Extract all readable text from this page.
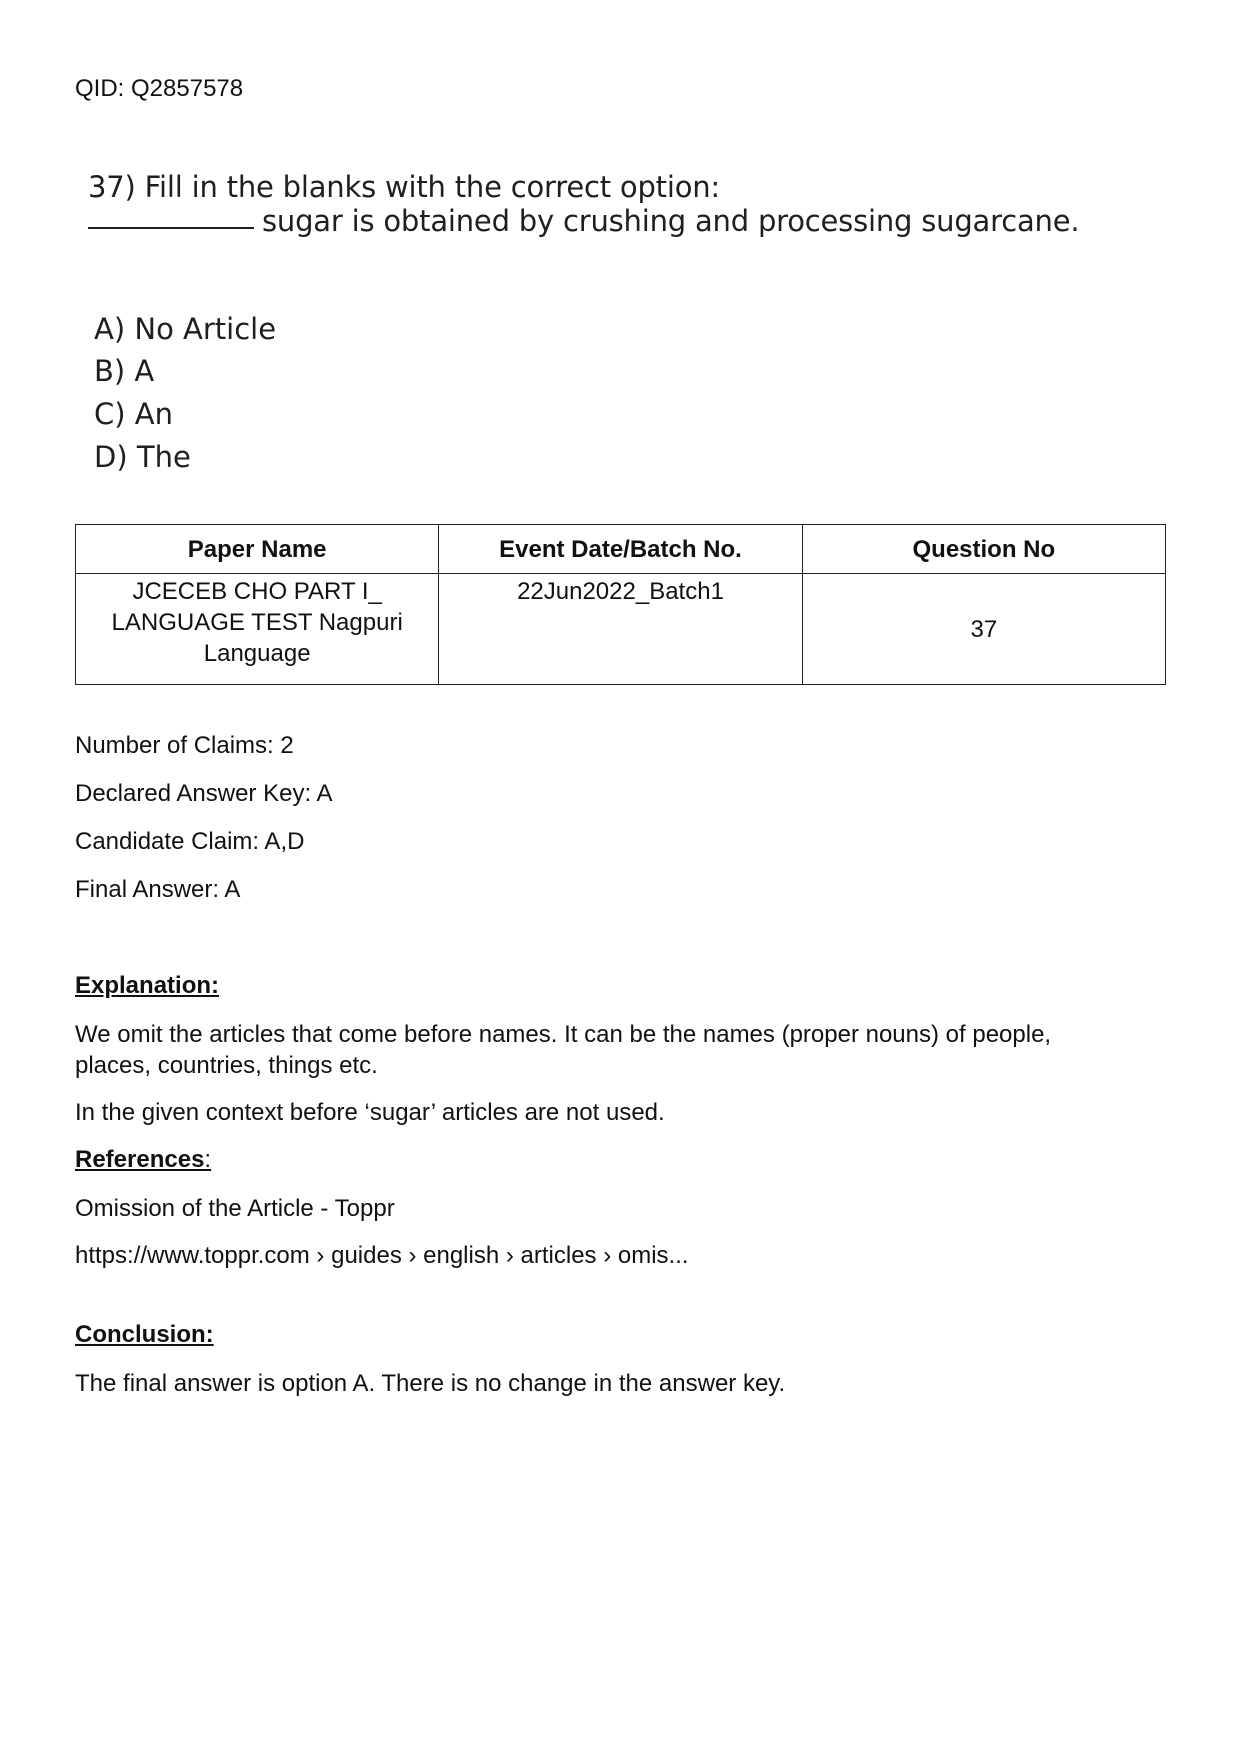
QID: Q2857578
37) Fill in the blanks with the correct option:
sugar is obtained by crushing and processing sugarcane.
A) No Article
B) A
C) An
D) The
Paper Name	Event Date/Batch No.	Question No
JCECEB CHO PART I_ LANGUAGE TEST Nagpuri Language	22Jun2022_Batch1	37
Number of Claims: 2
Declared Answer Key: A
Candidate Claim: A,D
Final Answer: A
Explanation:
We omit the articles that come before names. It can be the names (proper nouns) of people, places, countries, things etc.
In the given context before ‘sugar’ articles are not used.
References:
Omission of the Article - Toppr
https://www.toppr.com › guides › english › articles › omis...
Conclusion:
The final answer is option A. There is no change in the answer key.
